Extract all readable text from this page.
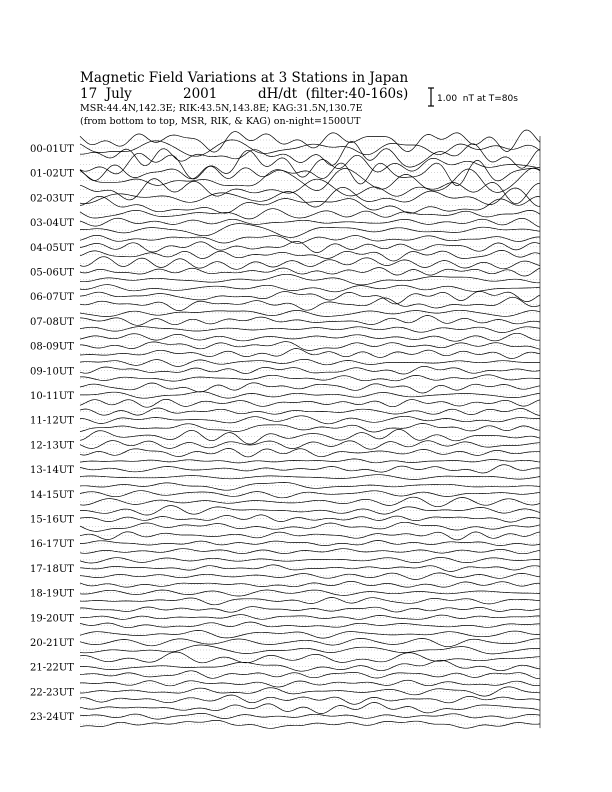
Magnetic Field Variations at 3 Stations in Japan
17  July	2001	dH/dt  (filter:40-160s)
MSR:44.4N,142.3E; RIK:43.5N,143.8E; KAG:31.5N,130.7E
(from bottom to top, MSR, RIK, & KAG) on-night=1500UT
1.00  nT at T=80s
00-01UT
01-02UT
02-03UT
03-04UT
04-05UT
05-06UT
06-07UT
07-08UT
08-09UT
09-10UT
10-11UT
11-12UT
12-13UT
13-14UT
14-15UT
15-16UT
16-17UT
17-18UT
18-19UT
19-20UT
20-21UT
21-22UT
22-23UT
23-24UT
